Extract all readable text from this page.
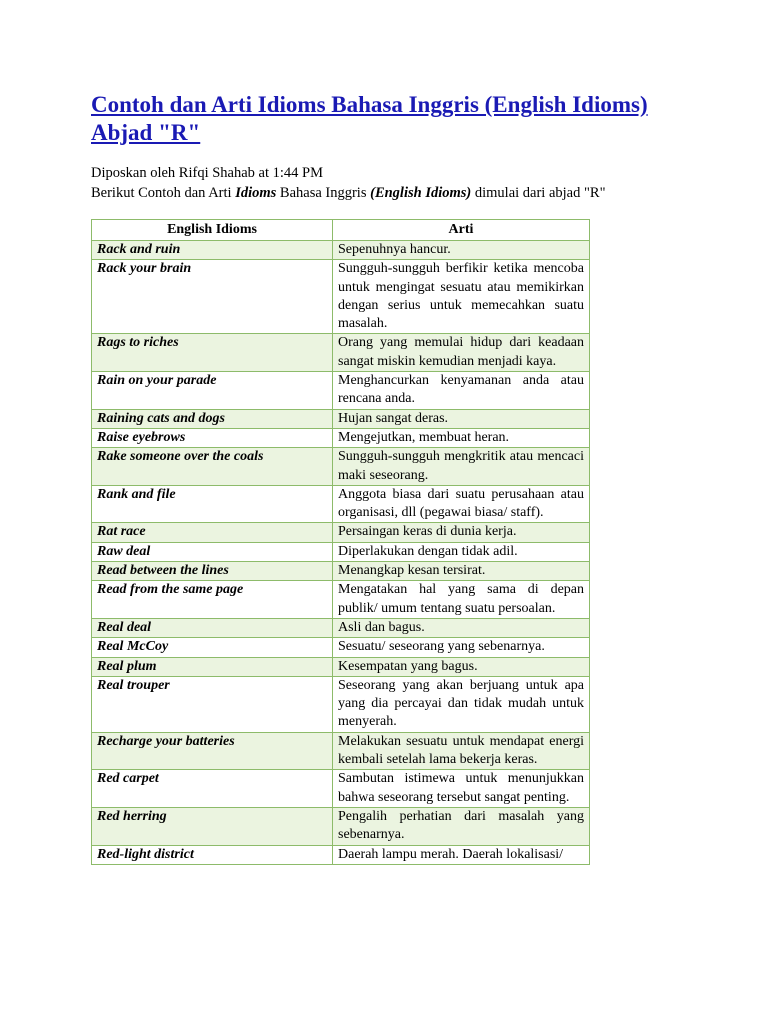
Contoh dan Arti Idioms Bahasa Inggris (English Idioms) Abjad "R"
Diposkan oleh Rifqi Shahab at 1:44 PM
Berikut Contoh dan Arti Idioms Bahasa Inggris (English Idioms) dimulai dari abjad "R"
English Idioms	Arti
Rack and ruin	Sepenuhnya hancur.
Rack your brain	Sungguh-sungguh berfikir ketika mencoba untuk mengingat sesuatu atau memikirkan dengan serius untuk memecahkan suatu masalah.
Rags to riches	Orang yang memulai hidup dari keadaan sangat miskin kemudian menjadi kaya.
Rain on your parade	Menghancurkan kenyamanan anda atau rencana anda.
Raining cats and dogs	Hujan sangat deras.
Raise eyebrows	Mengejutkan, membuat heran.
Rake someone over the coals	Sungguh-sungguh mengkritik atau mencaci maki seseorang.
Rank and file	Anggota biasa dari suatu perusahaan atau organisasi, dll (pegawai biasa/ staff).
Rat race	Persaingan keras di dunia kerja.
Raw deal	Diperlakukan dengan tidak adil.
Read between the lines	Menangkap kesan tersirat.
Read from the same page	Mengatakan hal yang sama di depan publik/ umum tentang suatu persoalan.
Real deal	Asli dan bagus.
Real McCoy	Sesuatu/ seseorang yang sebenarnya.
Real plum	Kesempatan yang bagus.
Real trouper	Seseorang yang akan berjuang untuk apa yang dia percayai dan tidak mudah untuk menyerah.
Recharge your batteries	Melakukan sesuatu untuk mendapat energi kembali setelah lama bekerja keras.
Red carpet	Sambutan istimewa untuk menunjukkan bahwa seseorang tersebut sangat penting.
Red herring	Pengalih perhatian dari masalah yang sebenarnya.
Red-light district	Daerah lampu merah. Daerah lokalisasi/
